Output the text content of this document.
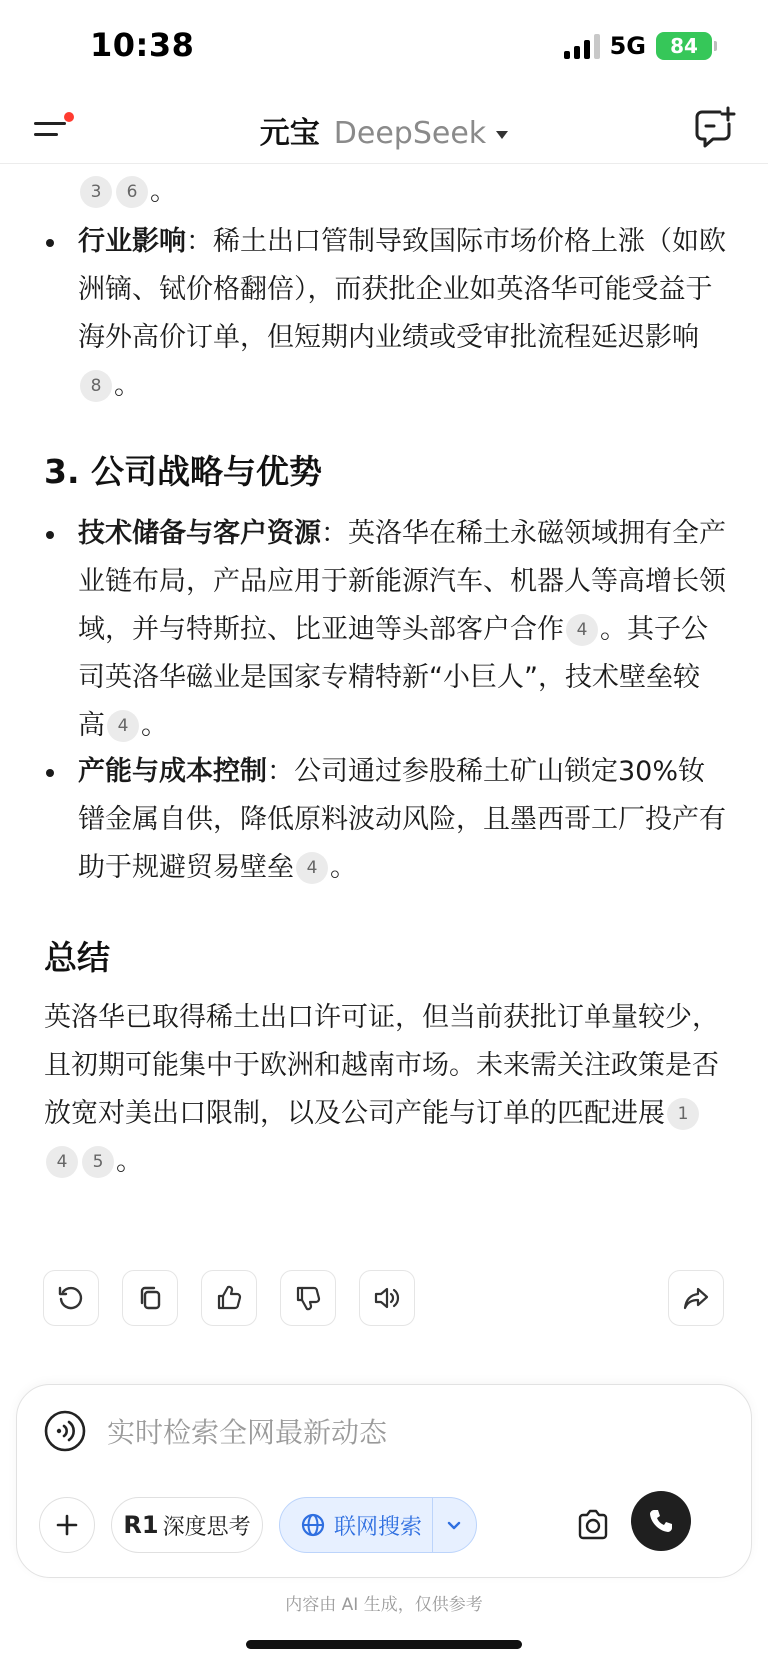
10:38	5G 84
3 6 。
行业影响：稀土出口管制导致国际市场价格上涨（如欧洲镝、铽价格翻倍），而获批企业如英洛华可能受益于海外高价订单，但短期内业绩或受审批流程延迟影响8 。
3. 公司战略与优势
技术储备与客户资源：英洛华在稀土永磁领域拥有全产业链布局，产品应用于新能源汽车、机器人等高增长领域，并与特斯拉、比亚迪等头部客户合作 4 。其子公司英洛华磁业是国家专精特新“小巨人”，技术壁垒较高 4 。
产能与成本控制：公司通过参股稀土矿山锁定30%钕镨金属自供，降低原料波动风险，且墨西哥工厂投产有助于规避贸易壁垒 4 。
总结
英洛华已取得稀土出口许可证，但当前获批订单量较少，且初期可能集中于欧洲和越南市场。未来需关注政策是否放宽对美出口限制，以及公司产能与订单的匹配进展 14 5 。
元宝 DeepSeek
实时检索全网最新动态
R1 深度思考	联网搜索
内容由 AI 生成，仅供参考
